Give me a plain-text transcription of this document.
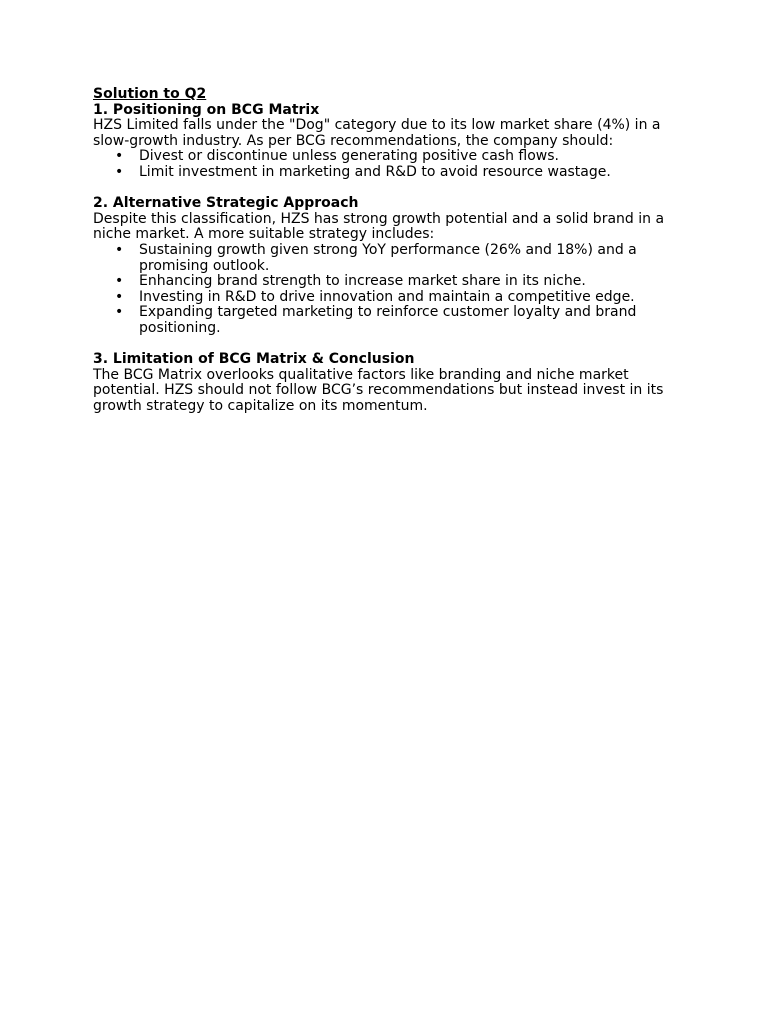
Solution to Q2

1. Positioning on BCG Matrix

HZS Limited falls under the "Dog" category due to its low market share (4%) in a slow-growth industry. As per BCG recommendations, the company should:

• Divest or discontinue unless generating positive cash flows.
• Limit investment in marketing and R&D to avoid resource wastage.

2. Alternative Strategic Approach

Despite this classification, HZS has strong growth potential and a solid brand in a niche market. A more suitable strategy includes:

• Sustaining growth given strong YoY performance (26% and 18%) and a promising outlook.
• Enhancing brand strength to increase market share in its niche.
• Investing in R&D to drive innovation and maintain a competitive edge.
• Expanding targeted marketing to reinforce customer loyalty and brand positioning.

3. Limitation of BCG Matrix & Conclusion

The BCG Matrix overlooks qualitative factors like branding and niche market potential. HZS should not follow BCG’s recommendations but instead invest in its growth strategy to capitalize on its momentum.
